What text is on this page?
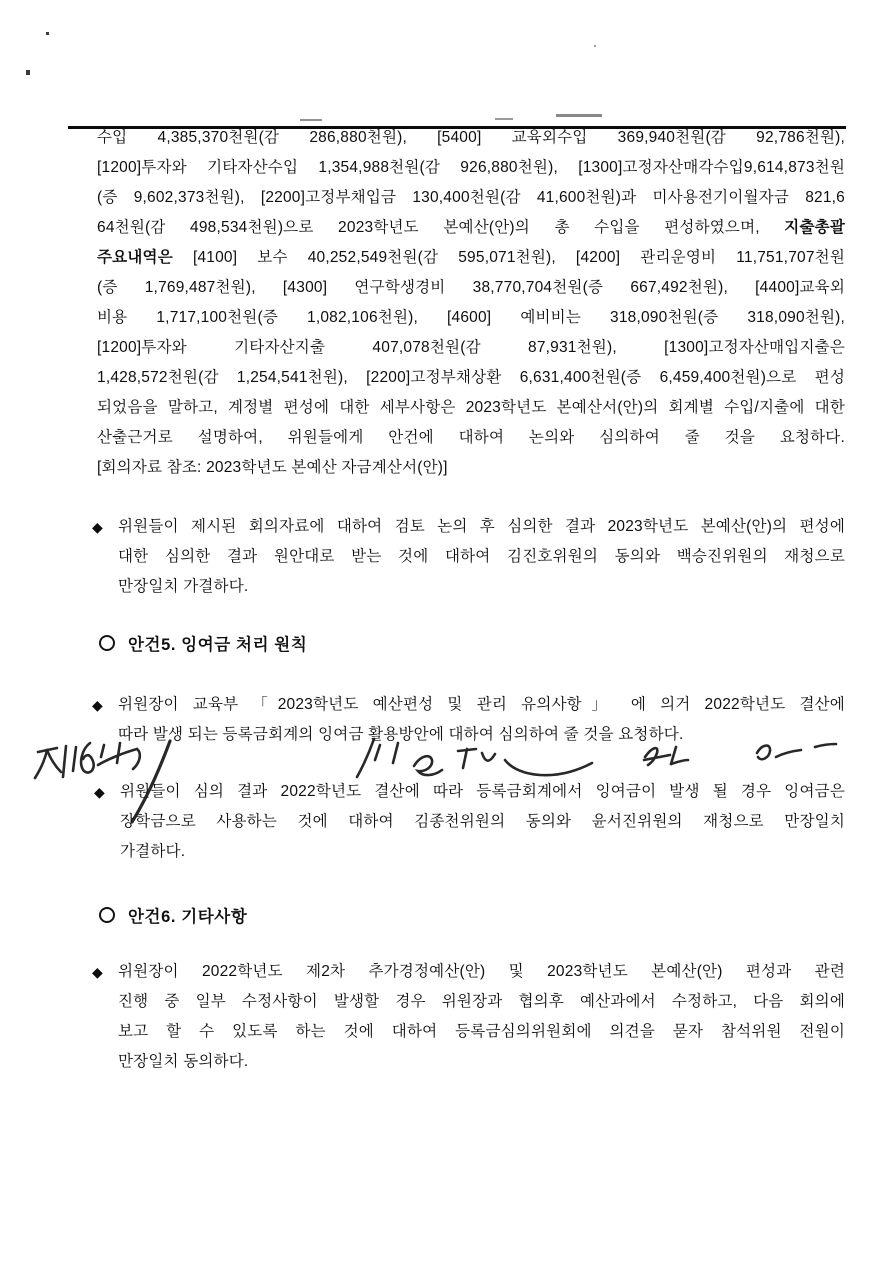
수입 4,385,370천원(감 286,880천원), [5400] 교육외수입 369,940천원(감 92,786천원),
[1200]투자와 기타자산수입 1,354,988천원(감 926,880천원), [1300]고정자산매각수입9,614,873천원
(증 9,602,373천원), [2200]고정부채입금 130,400천원(감 41,600천원)과 미사용전기이월자금 821,6
64천원(감 498,534천원)으로 2023학년도 본예산(안)의 총 수입을 편성하였으며, 지출총괄
주요내역은 [4100] 보수 40,252,549천원(감 595,071천원), [4200] 관리운영비 11,751,707천원
(증 1,769,487천원), [4300] 연구학생경비 38,770,704천원(증 667,492천원), [4400]교육외
비용 1,717,100천원(증 1,082,106천원), [4600] 예비비는 318,090천원(증 318,090천원),
[1200]투자와 기타자산지출 407,078천원(감 87,931천원), [1300]고정자산매입지출은
1,428,572천원(감 1,254,541천원), [2200]고정부채상환 6,631,400천원(증 6,459,400천원)으로 편성
되었음을 말하고, 계정별 편성에 대한 세부사항은 2023학년도 본예산서(안)의 회계별 수입/지출에 대한
산출근거로 설명하여, 위원들에게 안건에 대하여 논의와 심의하여 줄 것을 요청하다.
[회의자료 참조: 2023학년도 본예산 자금계산서(안)]
◆ 위원들이 제시된 회의자료에 대하여 검토 논의 후 심의한 결과 2023학년도 본예산(안)의 편성에
대한 심의한 결과 원안대로 받는 것에 대하여 김진호위원의 동의와 백승진위원의 재청으로
만장일치 가결하다.
안건5. 잉여금 처리 원칙
◆ 위원장이 교육부 「2023학년도 예산편성 및 관리 유의사항」 에 의거 2022학년도 결산에
따라 발생 되는 등록금회계의 잉여금 활용방안에 대하여 심의하여 줄 것을 요청하다.
◆ 위원들이 심의 결과 2022학년도 결산에 따라 등록금회계에서 잉여금이 발생 될 경우 잉여금은
장학금으로 사용하는 것에 대하여 김종천위원의 동의와 윤서진위원의 재청으로 만장일치
가결하다.
안건6. 기타사항
◆ 위원장이 2022학년도 제2차 추가경정예산(안) 및 2023학년도 본예산(안) 편성과 관련
진행 중 일부 수정사항이 발생할 경우 위원장과 협의후 예산과에서 수정하고, 다음 회의에
보고 할 수 있도록 하는 것에 대하여 등록금심의위원회에 의견을 묻자 참석위원 전원이
만장일치 동의하다.
